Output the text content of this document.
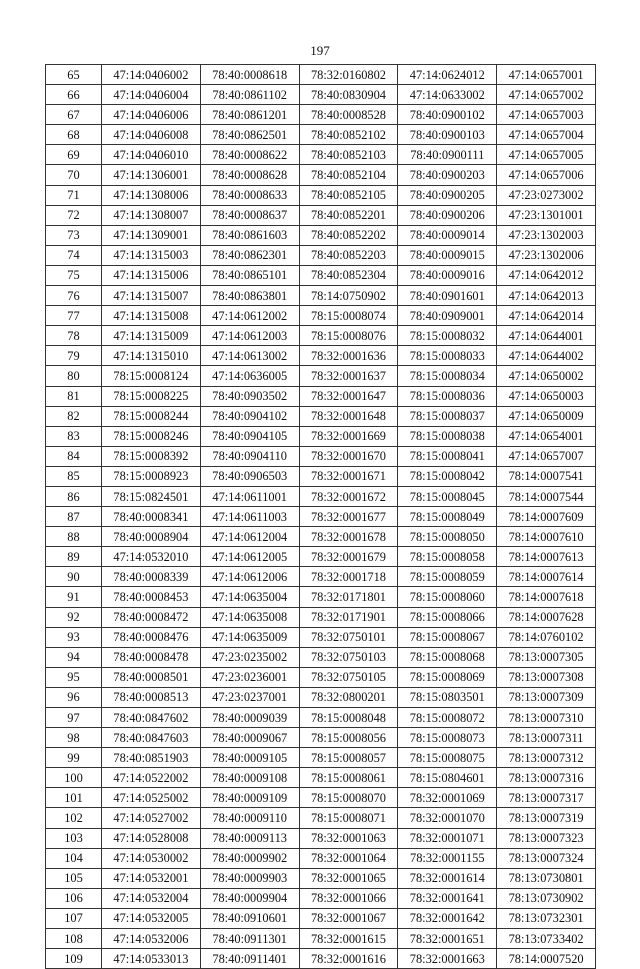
197
65	47:14:0406002	78:40:0008618	78:32:0160802	47:14:0624012	47:14:0657001
66	47:14:0406004	78:40:0861102	78:40:0830904	47:14:0633002	47:14:0657002
67	47:14:0406006	78:40:0861201	78:40:0008528	78:40:0900102	47:14:0657003
68	47:14:0406008	78:40:0862501	78:40:0852102	78:40:0900103	47:14:0657004
69	47:14:0406010	78:40:0008622	78:40:0852103	78:40:0900111	47:14:0657005
70	47:14:1306001	78:40:0008628	78:40:0852104	78:40:0900203	47:14:0657006
71	47:14:1308006	78:40:0008633	78:40:0852105	78:40:0900205	47:23:0273002
72	47:14:1308007	78:40:0008637	78:40:0852201	78:40:0900206	47:23:1301001
73	47:14:1309001	78:40:0861603	78:40:0852202	78:40:0009014	47:23:1302003
74	47:14:1315003	78:40:0862301	78:40:0852203	78:40:0009015	47:23:1302006
75	47:14:1315006	78:40:0865101	78:40:0852304	78:40:0009016	47:14:0642012
76	47:14:1315007	78:40:0863801	78:14:0750902	78:40:0901601	47:14:0642013
77	47:14:1315008	47:14:0612002	78:15:0008074	78:40:0909001	47:14:0642014
78	47:14:1315009	47:14:0612003	78:15:0008076	78:15:0008032	47:14:0644001
79	47:14:1315010	47:14:0613002	78:32:0001636	78:15:0008033	47:14:0644002
80	78:15:0008124	47:14:0636005	78:32:0001637	78:15:0008034	47:14:0650002
81	78:15:0008225	78:40:0903502	78:32:0001647	78:15:0008036	47:14:0650003
82	78:15:0008244	78:40:0904102	78:32:0001648	78:15:0008037	47:14:0650009
83	78:15:0008246	78:40:0904105	78:32:0001669	78:15:0008038	47:14:0654001
84	78:15:0008392	78:40:0904110	78:32:0001670	78:15:0008041	47:14:0657007
85	78:15:0008923	78:40:0906503	78:32:0001671	78:15:0008042	78:14:0007541
86	78:15:0824501	47:14:0611001	78:32:0001672	78:15:0008045	78:14:0007544
87	78:40:0008341	47:14:0611003	78:32:0001677	78:15:0008049	78:14:0007609
88	78:40:0008904	47:14:0612004	78:32:0001678	78:15:0008050	78:14:0007610
89	47:14:0532010	47:14:0612005	78:32:0001679	78:15:0008058	78:14:0007613
90	78:40:0008339	47:14:0612006	78:32:0001718	78:15:0008059	78:14:0007614
91	78:40:0008453	47:14:0635004	78:32:0171801	78:15:0008060	78:14:0007618
92	78:40:0008472	47:14:0635008	78:32:0171901	78:15:0008066	78:14:0007628
93	78:40:0008476	47:14:0635009	78:32:0750101	78:15:0008067	78:14:0760102
94	78:40:0008478	47:23:0235002	78:32:0750103	78:15:0008068	78:13:0007305
95	78:40:0008501	47:23:0236001	78:32:0750105	78:15:0008069	78:13:0007308
96	78:40:0008513	47:23:0237001	78:32:0800201	78:15:0803501	78:13:0007309
97	78:40:0847602	78:40:0009039	78:15:0008048	78:15:0008072	78:13:0007310
98	78:40:0847603	78:40:0009067	78:15:0008056	78:15:0008073	78:13:0007311
99	78:40:0851903	78:40:0009105	78:15:0008057	78:15:0008075	78:13:0007312
100	47:14:0522002	78:40:0009108	78:15:0008061	78:15:0804601	78:13:0007316
101	47:14:0525002	78:40:0009109	78:15:0008070	78:32:0001069	78:13:0007317
102	47:14:0527002	78:40:0009110	78:15:0008071	78:32:0001070	78:13:0007319
103	47:14:0528008	78:40:0009113	78:32:0001063	78:32:0001071	78:13:0007323
104	47:14:0530002	78:40:0009902	78:32:0001064	78:32:0001155	78:13:0007324
105	47:14:0532001	78:40:0009903	78:32:0001065	78:32:0001614	78:13:0730801
106	47:14:0532004	78:40:0009904	78:32:0001066	78:32:0001641	78:13:0730902
107	47:14:0532005	78:40:0910601	78:32:0001067	78:32:0001642	78:13:0732301
108	47:14:0532006	78:40:0911301	78:32:0001615	78:32:0001651	78:13:0733402
109	47:14:0533013	78:40:0911401	78:32:0001616	78:32:0001663	78:14:0007520
